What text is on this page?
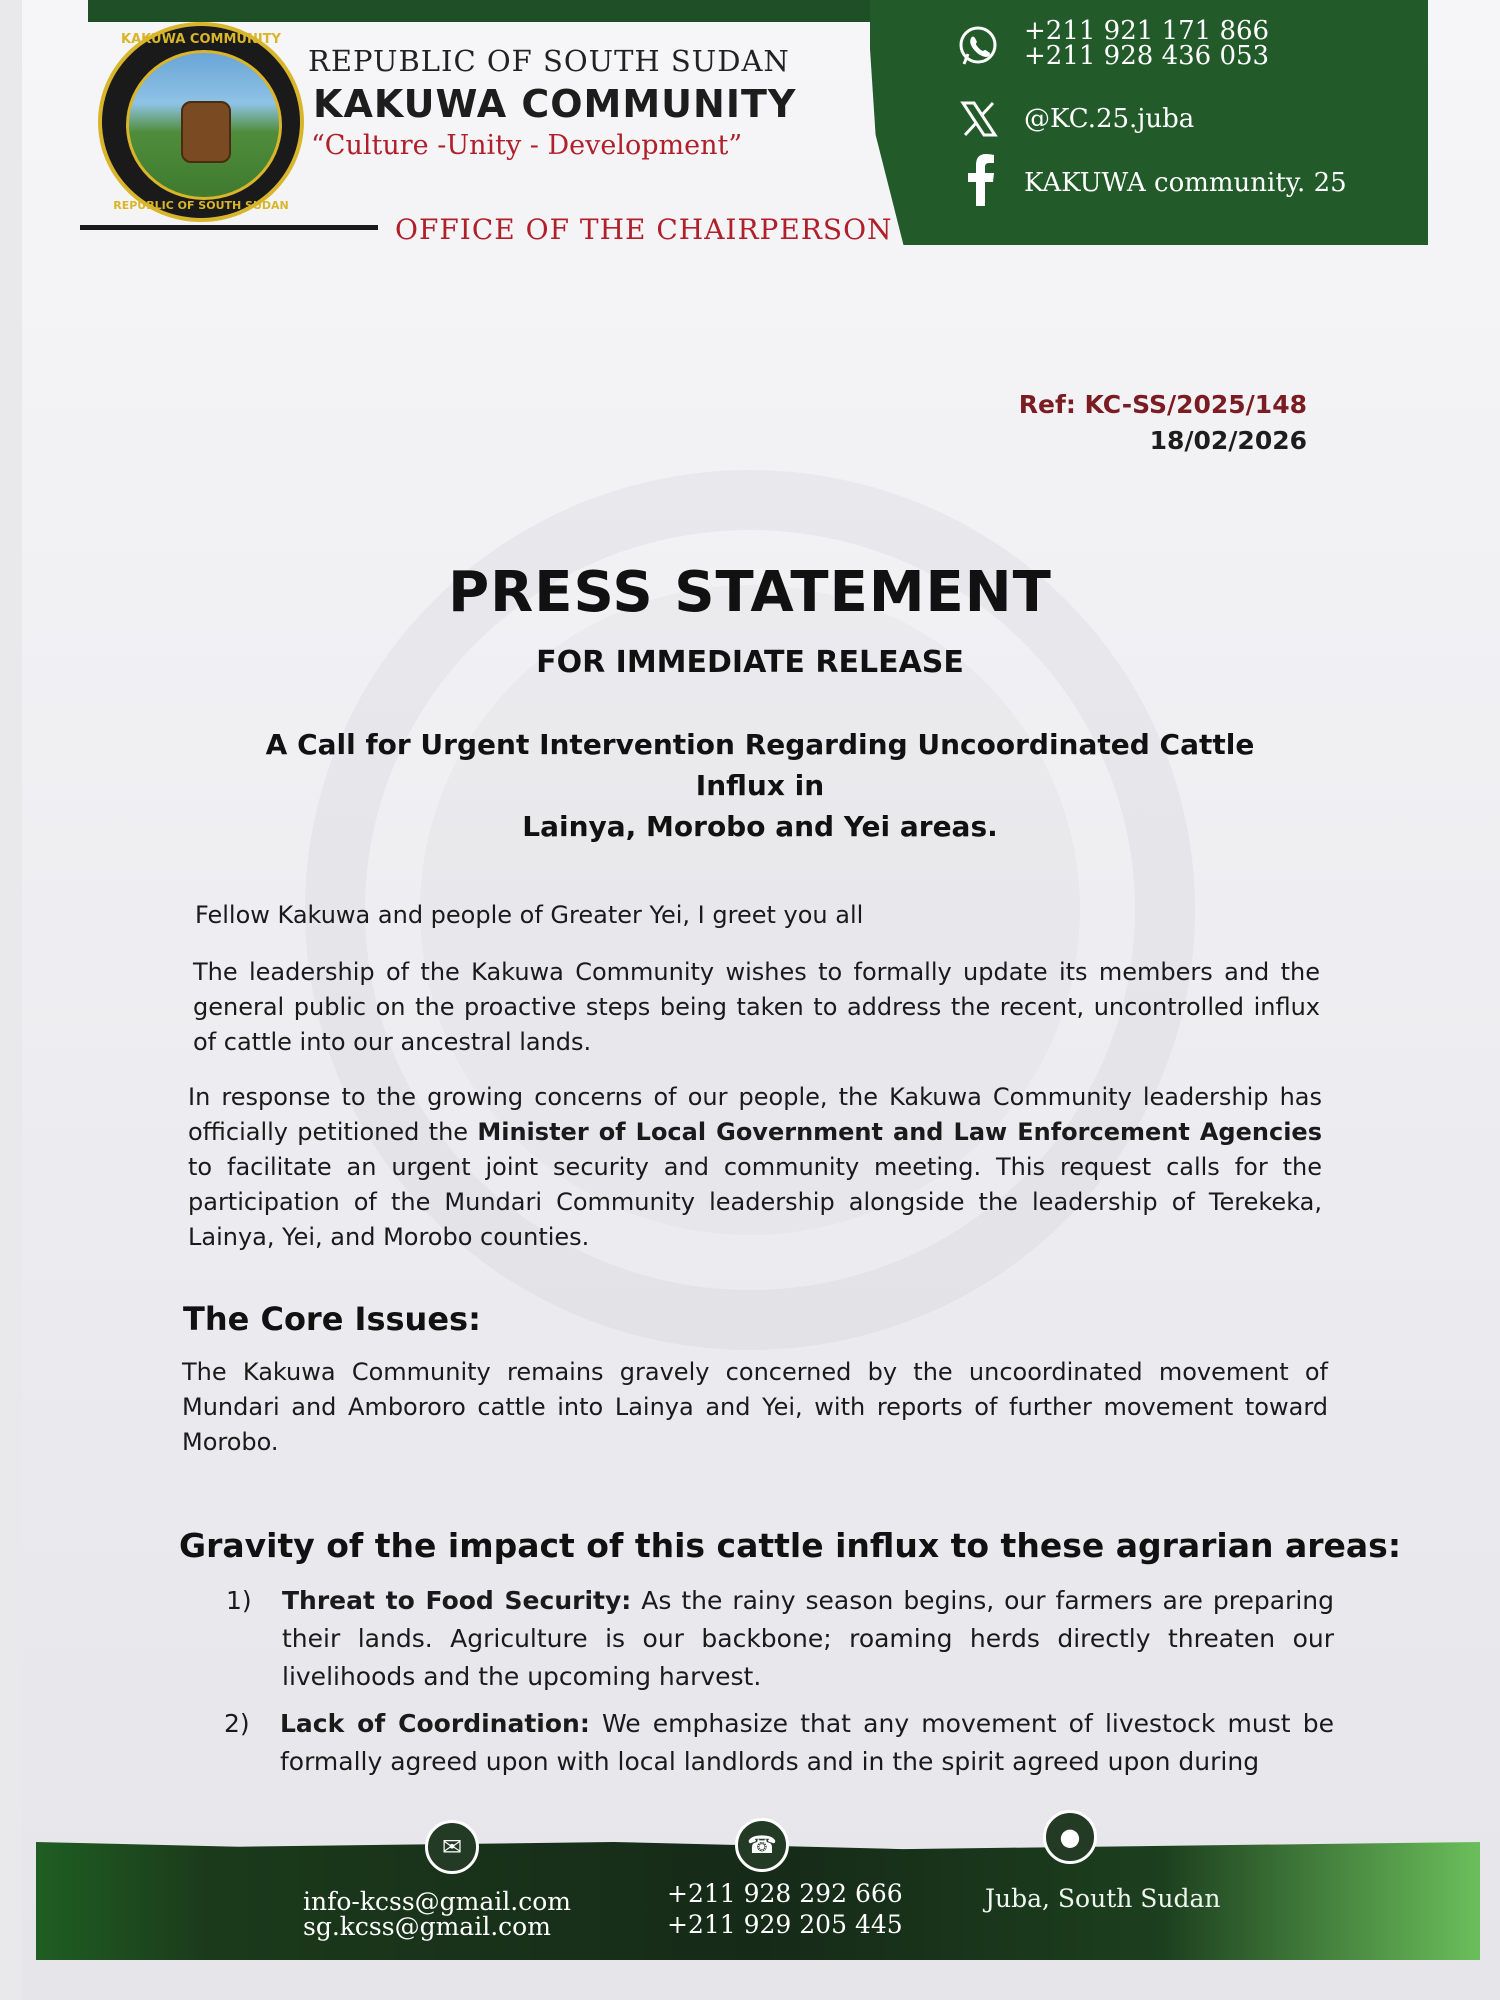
KAKUWA COMMUNITY
REPUBLIC OF SOUTH SUDAN
REPUBLIC OF SOUTH SUDAN
KAKUWA COMMUNITY
“Culture -Unity - Development”
OFFICE OF THE CHAIRPERSON
+211 921 171 866
+211 928 436 053
@KC.25.juba
KAKUWA community. 25
Ref: KC-SS/2025/148
18/02/2026
PRESS STATEMENT
FOR IMMEDIATE RELEASE
A Call for Urgent Intervention Regarding Uncoordinated Cattle Influx in
Lainya, Morobo and Yei areas.
Fellow Kakuwa and people of Greater Yei, I greet you all
The leadership of the Kakuwa Community wishes to formally update its members and the general public on the proactive steps being taken to address the recent, uncontrolled influx of cattle into our ancestral lands.
In response to the growing concerns of our people, the Kakuwa Community leadership has officially petitioned the Minister of Local Government and Law Enforcement Agencies to facilitate an urgent joint security and community meeting. This request calls for the participation of the Mundari Community leadership alongside the leadership of Terekeka, Lainya, Yei, and Morobo counties.
The Core Issues:
The Kakuwa Community remains gravely concerned by the uncoordinated movement of Mundari and Ambororo cattle into Lainya and Yei, with reports of further movement toward Morobo.
Gravity of the impact of this cattle influx to these agrarian areas:
1) Threat to Food Security: As the rainy season begins, our farmers are preparing their lands. Agriculture is our backbone; roaming herds directly threaten our livelihoods and the upcoming harvest.
2) Lack of Coordination: We emphasize that any movement of livestock must be formally agreed upon with local landlords and in the spirit agreed upon during
✉	☎	●
info-kcss@gmail.com
sg.kcss@gmail.com
+211 928 292 666
+211 929 205 445
Juba, South Sudan
